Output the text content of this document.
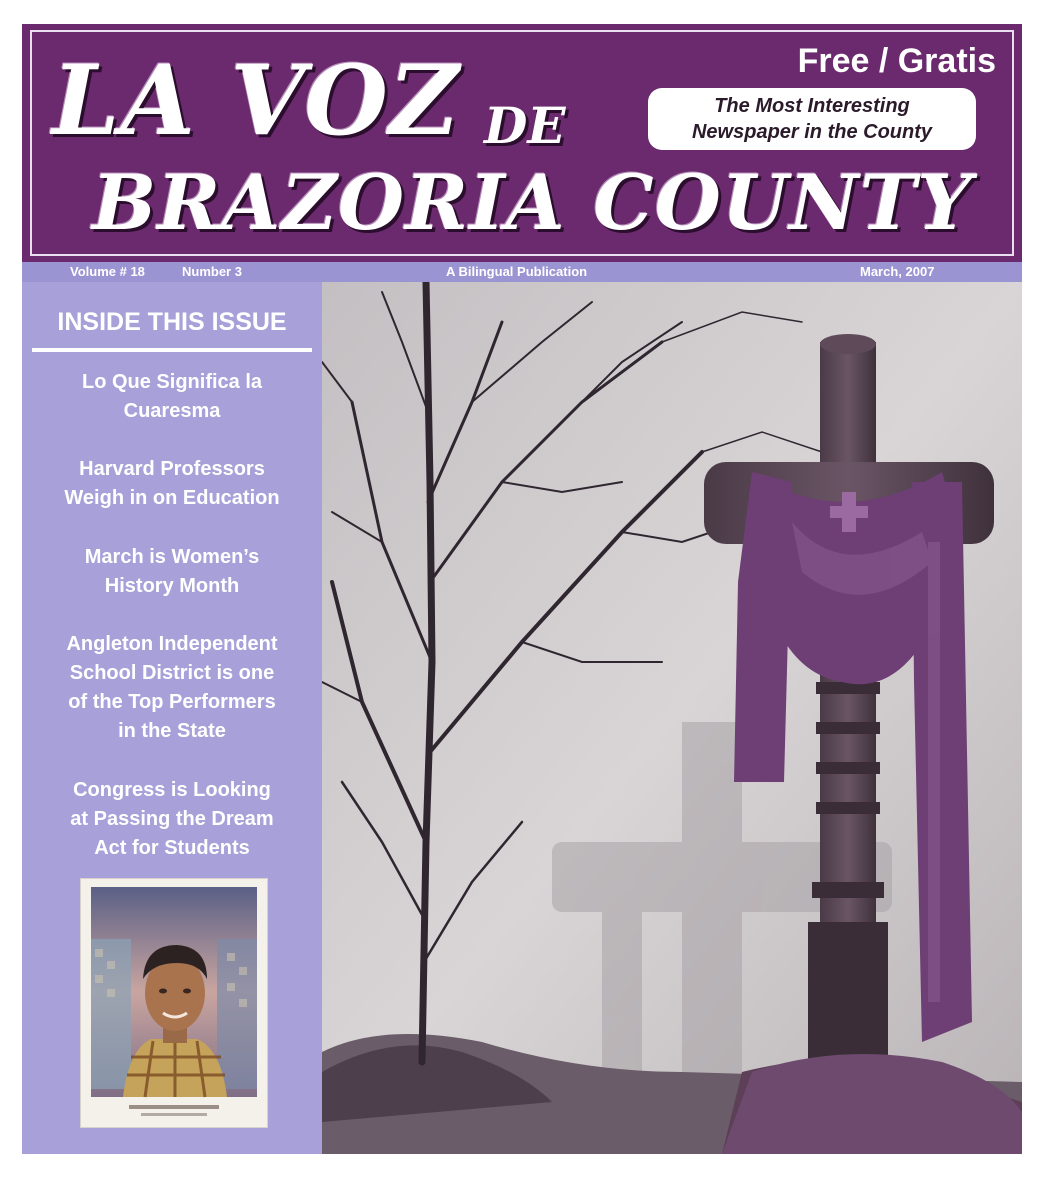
LA VOZ DE
BRAZORIA COUNTY
Free / Gratis
The Most Interesting
Newspaper in the County
Volume # 18	Number 3	A Bilingual Publication	March, 2007
INSIDE THIS ISSUE
Lo Que Significa la
Cuaresma
Harvard Professors
Weigh in on Education
March is Women’s
History Month
Angleton Independent
School District is one
of the Top Performers
in the State
Congress is Looking
at Passing the Dream
Act for Students
